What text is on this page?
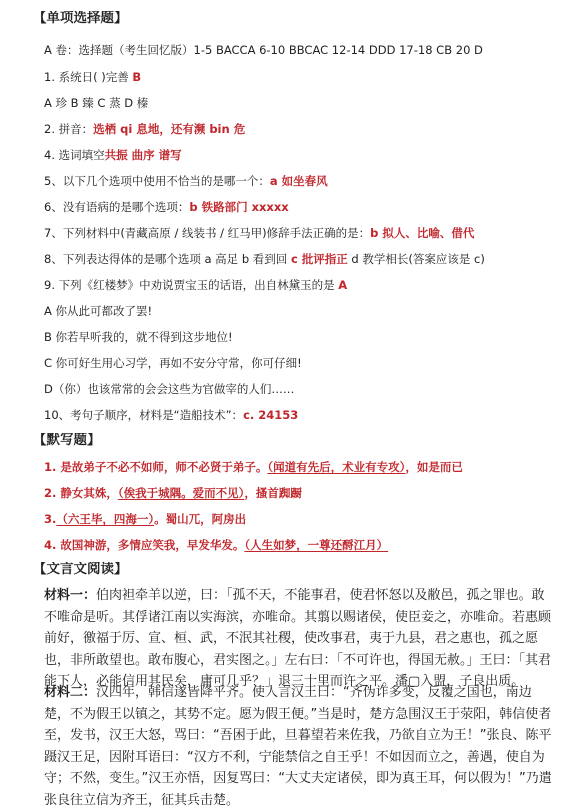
【单项选择题】
A 卷：选择题（考生回忆版）1-5 BACCA 6-10 BBCAC 12-14 DDD 17-18 CB 20 D
1. 系统日( )完善 B
A 珍 B 臻 C 蒸 D 榛
2. 拼音：选栖 qi 息地，还有濒 bin 危
4. 选词填空共振 曲序 谱写
5、以下几个选项中使用不恰当的是哪一个：a 如坐春风
6、没有语病的是哪个选项：b 铁路部门 xxxxx
7、下列材料中(青藏高原 / 线装书 / 红马甲)修辞手法正确的是：b 拟人、比喻、借代
8、下列表达得体的是哪个选项 a 高足 b 看到回 c 批评指正 d 教学相长(答案应该是 c)
9. 下列《红楼梦》中劝说贾宝玉的话语，出自林黛玉的是 A
A 你从此可都改了罢!
B 你若早听我的，就不得到这步地位!
C 你可好生用心习学，再如不安分守常，你可仔细!
D（你）也该常常的会会这些为官做宰的人们……
10、考句子顺序，材料是“造船技术”：c. 24153
【默写题】
1. 是故弟子不必不如师，师不必贤于弟子。（闻道有先后，术业有专攻），如是而已
2. 静女其姝，（俟我于城隅。爱而不见），搔首踟蹰
3.（六王毕，四海一）。蜀山兀，阿房出
4. 故国神游，多情应笑我，早发华发。（人生如梦，一尊还酹江月）
【文言文阅读】
材料一：伯肉袒牵羊以逆，曰：「孤不天，不能事君，使君怀怒以及敝邑，孤之罪也。敢不唯命是听。其俘诸江南以实海滨，亦唯命。其翦以赐诸侯，使臣妾之，亦唯命。若惠顾前好，徼福于厉、宣、桓、武，不泯其社稷，使改事君，夷于九县，君之惠也，孤之愿也，非所敢望也。敢布腹心，君实图之。」左右曰：「不可许也，得国无赦。」王曰：「其君能下人，必能信用其民矣，庸可几乎？」退三十里而许之平。潘▢入盟，子良出质。
材料二：汉四年，韩信遂皆降平齐。使人言汉王曰：“齐伪诈多变，反覆之国也，南边楚，不为假王以镇之，其势不定。愿为假王便。”当是时，楚方急围汉王于荥阳，韩信使者至，发书，汉王大怒，骂曰：“吾困于此，旦暮望若来佐我，乃欲自立为王！”张良、陈平蹑汉王足，因附耳语曰：“汉方不利，宁能禁信之自王乎！不如因而立之，善遇，使自为守；不然，变生。”汉王亦悟，因复骂曰：“大丈夫定诸侯，即为真王耳，何以假为！”乃遣张良往立信为齐王，征其兵击楚。
